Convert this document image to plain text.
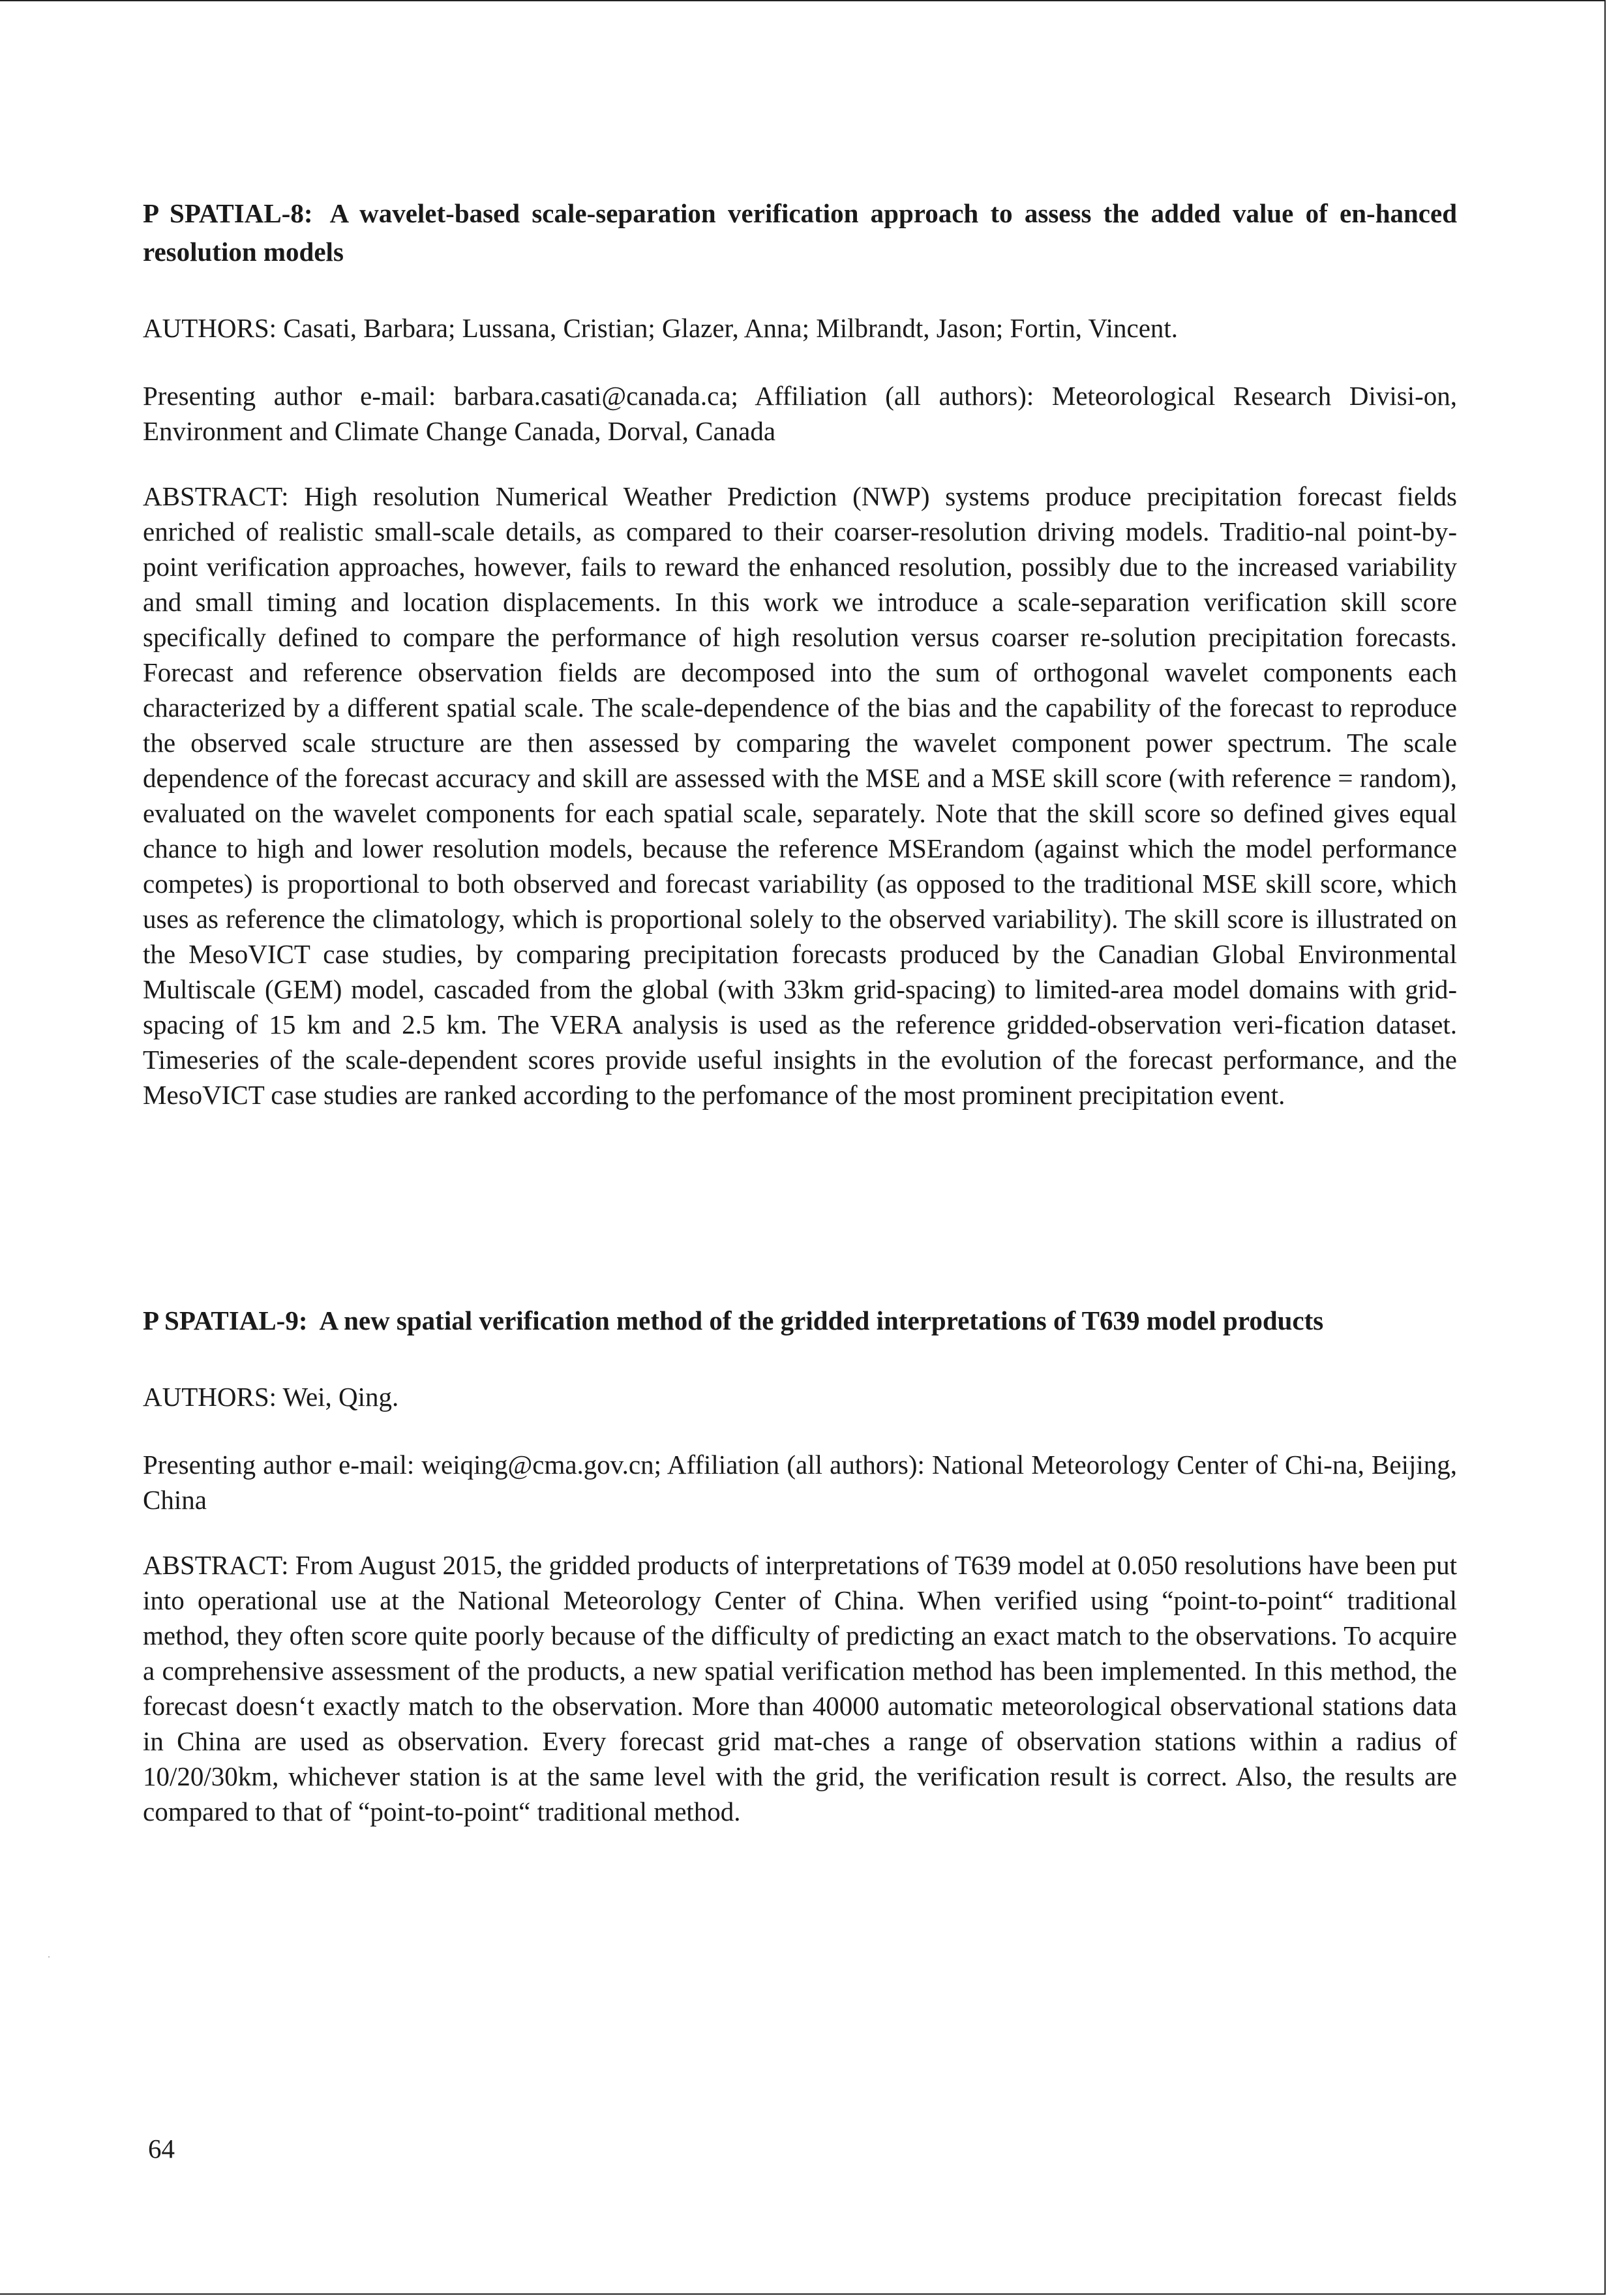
P SPATIAL-8: A wavelet-based scale-separation verification approach to assess the added value of en-hanced resolution models

AUTHORS: Casati, Barbara; Lussana, Cristian; Glazer, Anna; Milbrandt, Jason; Fortin, Vincent.

Presenting author e-mail: barbara.casati@canada.ca; Affiliation (all authors): Meteorological Research Divisi-on, Environment and Climate Change Canada, Dorval, Canada

ABSTRACT: High resolution Numerical Weather Prediction (NWP) systems produce precipitation forecast fields enriched of realistic small-scale details, as compared to their coarser-resolution driving models. Traditio-nal point-by-point verification approaches, however, fails to reward the enhanced resolution, possibly due to the increased variability and small timing and location displacements. In this work we introduce a scale-separation verification skill score specifically defined to compare the performance of high resolution versus coarser re-solution precipitation forecasts. Forecast and reference observation fields are decomposed into the sum of orthogonal wavelet components each characterized by a different spatial scale. The scale-dependence of the bias and the capability of the forecast to reproduce the observed scale structure are then assessed by comparing the wavelet component power spectrum. The scale dependence of the forecast accuracy and skill are assessed with the MSE and a MSE skill score (with reference = random), evaluated on the wavelet components for each spatial scale, separately. Note that the skill score so defined gives equal chance to high and lower resolution models, because the reference MSErandom (against which the model performance competes) is proportional to both observed and forecast variability (as opposed to the traditional MSE skill score, which uses as reference the climatology, which is proportional solely to the observed variability). The skill score is illustrated on the MesoVICT case studies, by comparing precipitation forecasts produced by the Canadian Global Environmental Multiscale (GEM) model, cascaded from the global (with 33km grid-spacing) to limited-area model domains with grid-spacing of 15 km and 2.5 km. The VERA analysis is used as the reference gridded-observation veri-fication dataset. Timeseries of the scale-dependent scores provide useful insights in the evolution of the forecast performance, and the MesoVICT case studies are ranked according to the perfomance of the most prominent precipitation event.

P SPATIAL-9: A new spatial verification method of the gridded interpretations of T639 model products

AUTHORS: Wei, Qing.

Presenting author e-mail: weiqing@cma.gov.cn; Affiliation (all authors): National Meteorology Center of Chi-na, Beijing, China

ABSTRACT: From August 2015, the gridded products of interpretations of T639 model at 0.050 resolutions have been put into operational use at the National Meteorology Center of China. When verified using “point-to-point“ traditional method, they often score quite poorly because of the difficulty of predicting an exact match to the observations. To acquire a comprehensive assessment of the products, a new spatial verification method has been implemented. In this method, the forecast doesn‘t exactly match to the observation. More than 40000 automatic meteorological observational stations data in China are used as observation. Every forecast grid mat-ches a range of observation stations within a radius of 10/20/30km, whichever station is at the same level with the grid, the verification result is correct. Also, the results are compared to that of “point-to-point“ traditional method.

64
